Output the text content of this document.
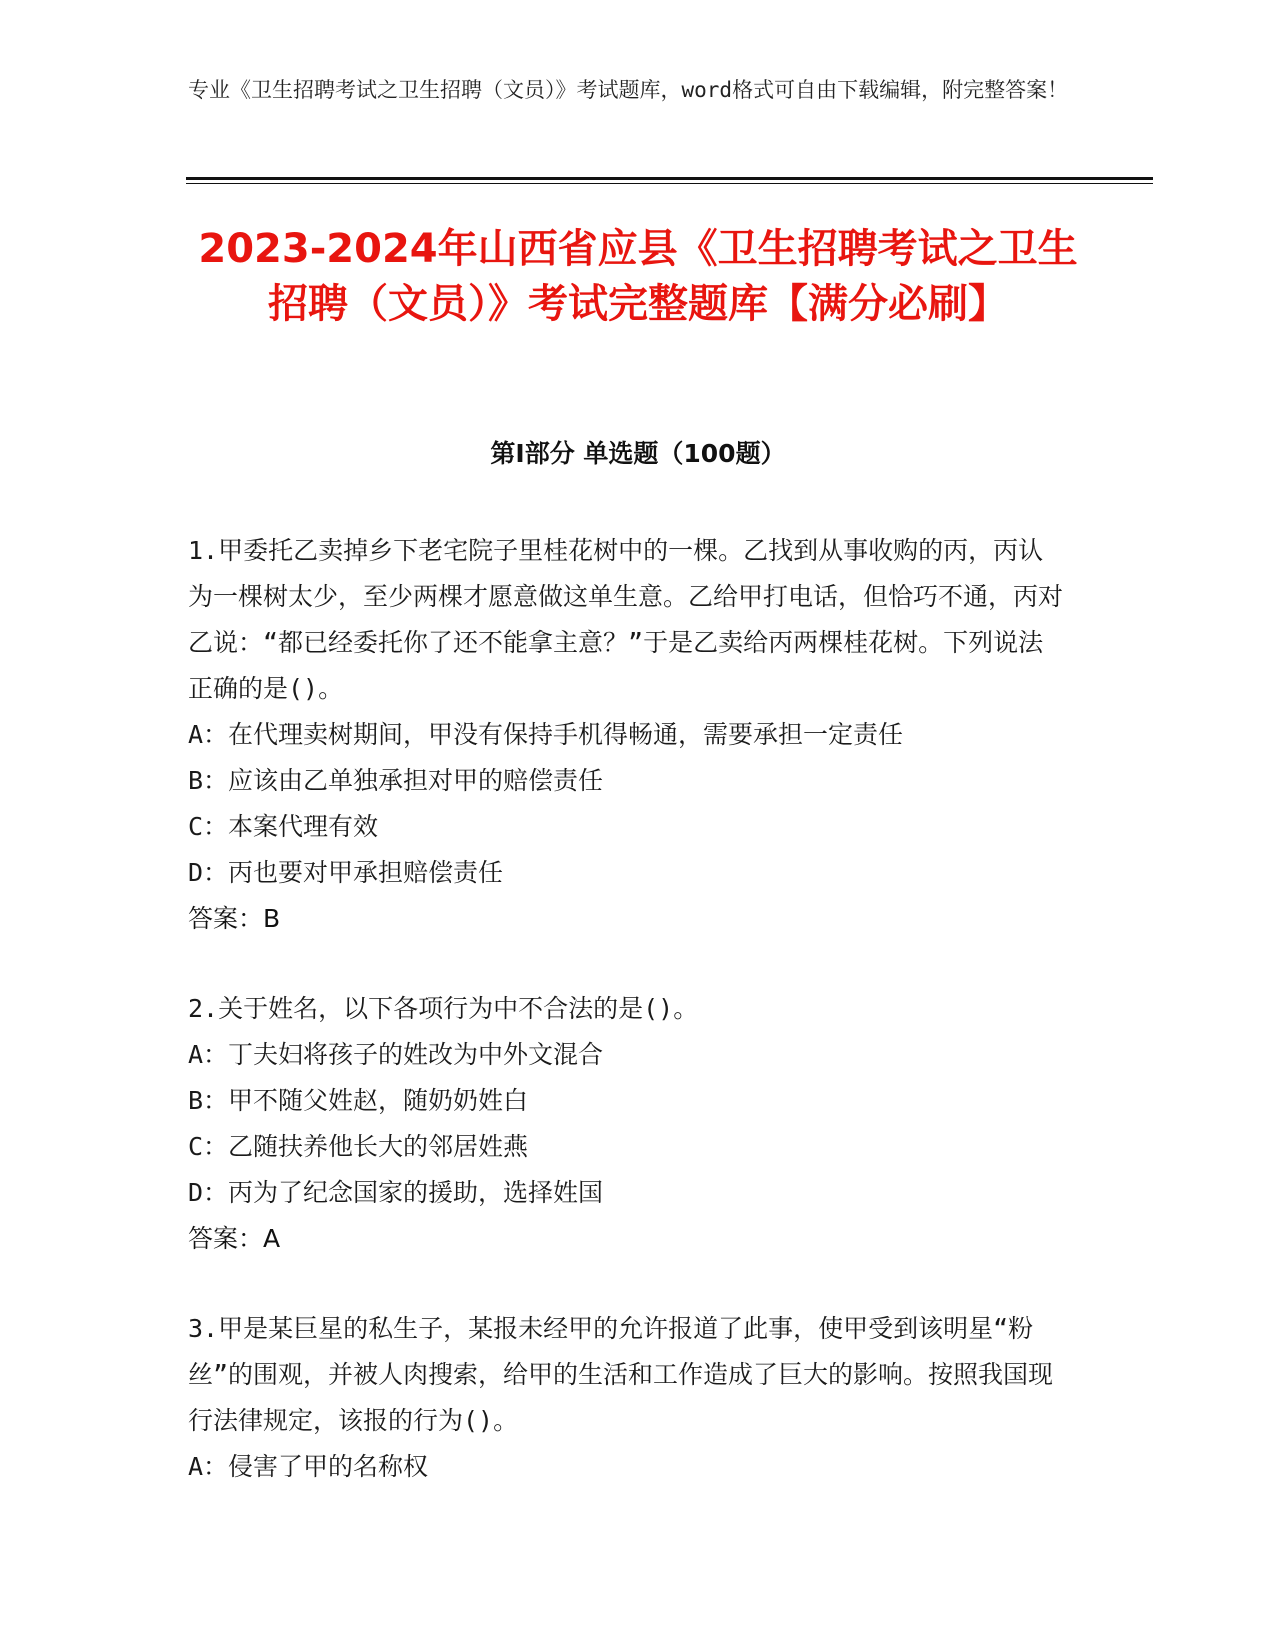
专业《卫生招聘考试之卫生招聘（文员）》考试题库，word格式可自由下载编辑，附完整答案！

2023-2024年山西省应县《卫生招聘考试之卫生招聘（文员）》考试完整题库【满分必刷】
第Ⅰ部分 单选题（100题）

1.甲委托乙卖掉乡下老宅院子里桂花树中的一棵。乙找到从事收购的丙，丙认为一棵树太少，至少两棵才愿意做这单生意。乙给甲打电话，但恰巧不通，丙对乙说：“都已经委托你了还不能拿主意？”于是乙卖给丙两棵桂花树。下列说法正确的是()。

A：在代理卖树期间，甲没有保持手机得畅通，需要承担一定责任

B：应该由乙单独承担对甲的赔偿责任

C：本案代理有效

D：丙也要对甲承担赔偿责任

答案：B

2.关于姓名，以下各项行为中不合法的是()。

A：丁夫妇将孩子的姓改为中外文混合

B：甲不随父姓赵，随奶奶姓白

C：乙随扶养他长大的邻居姓燕

D：丙为了纪念国家的援助，选择姓国

答案：A

3.甲是某巨星的私生子，某报未经甲的允许报道了此事，使甲受到该明星“粉丝”的围观，并被人肉搜索，给甲的生活和工作造成了巨大的影响。按照我国现行法律规定，该报的行为()。

A：侵害了甲的名称权
